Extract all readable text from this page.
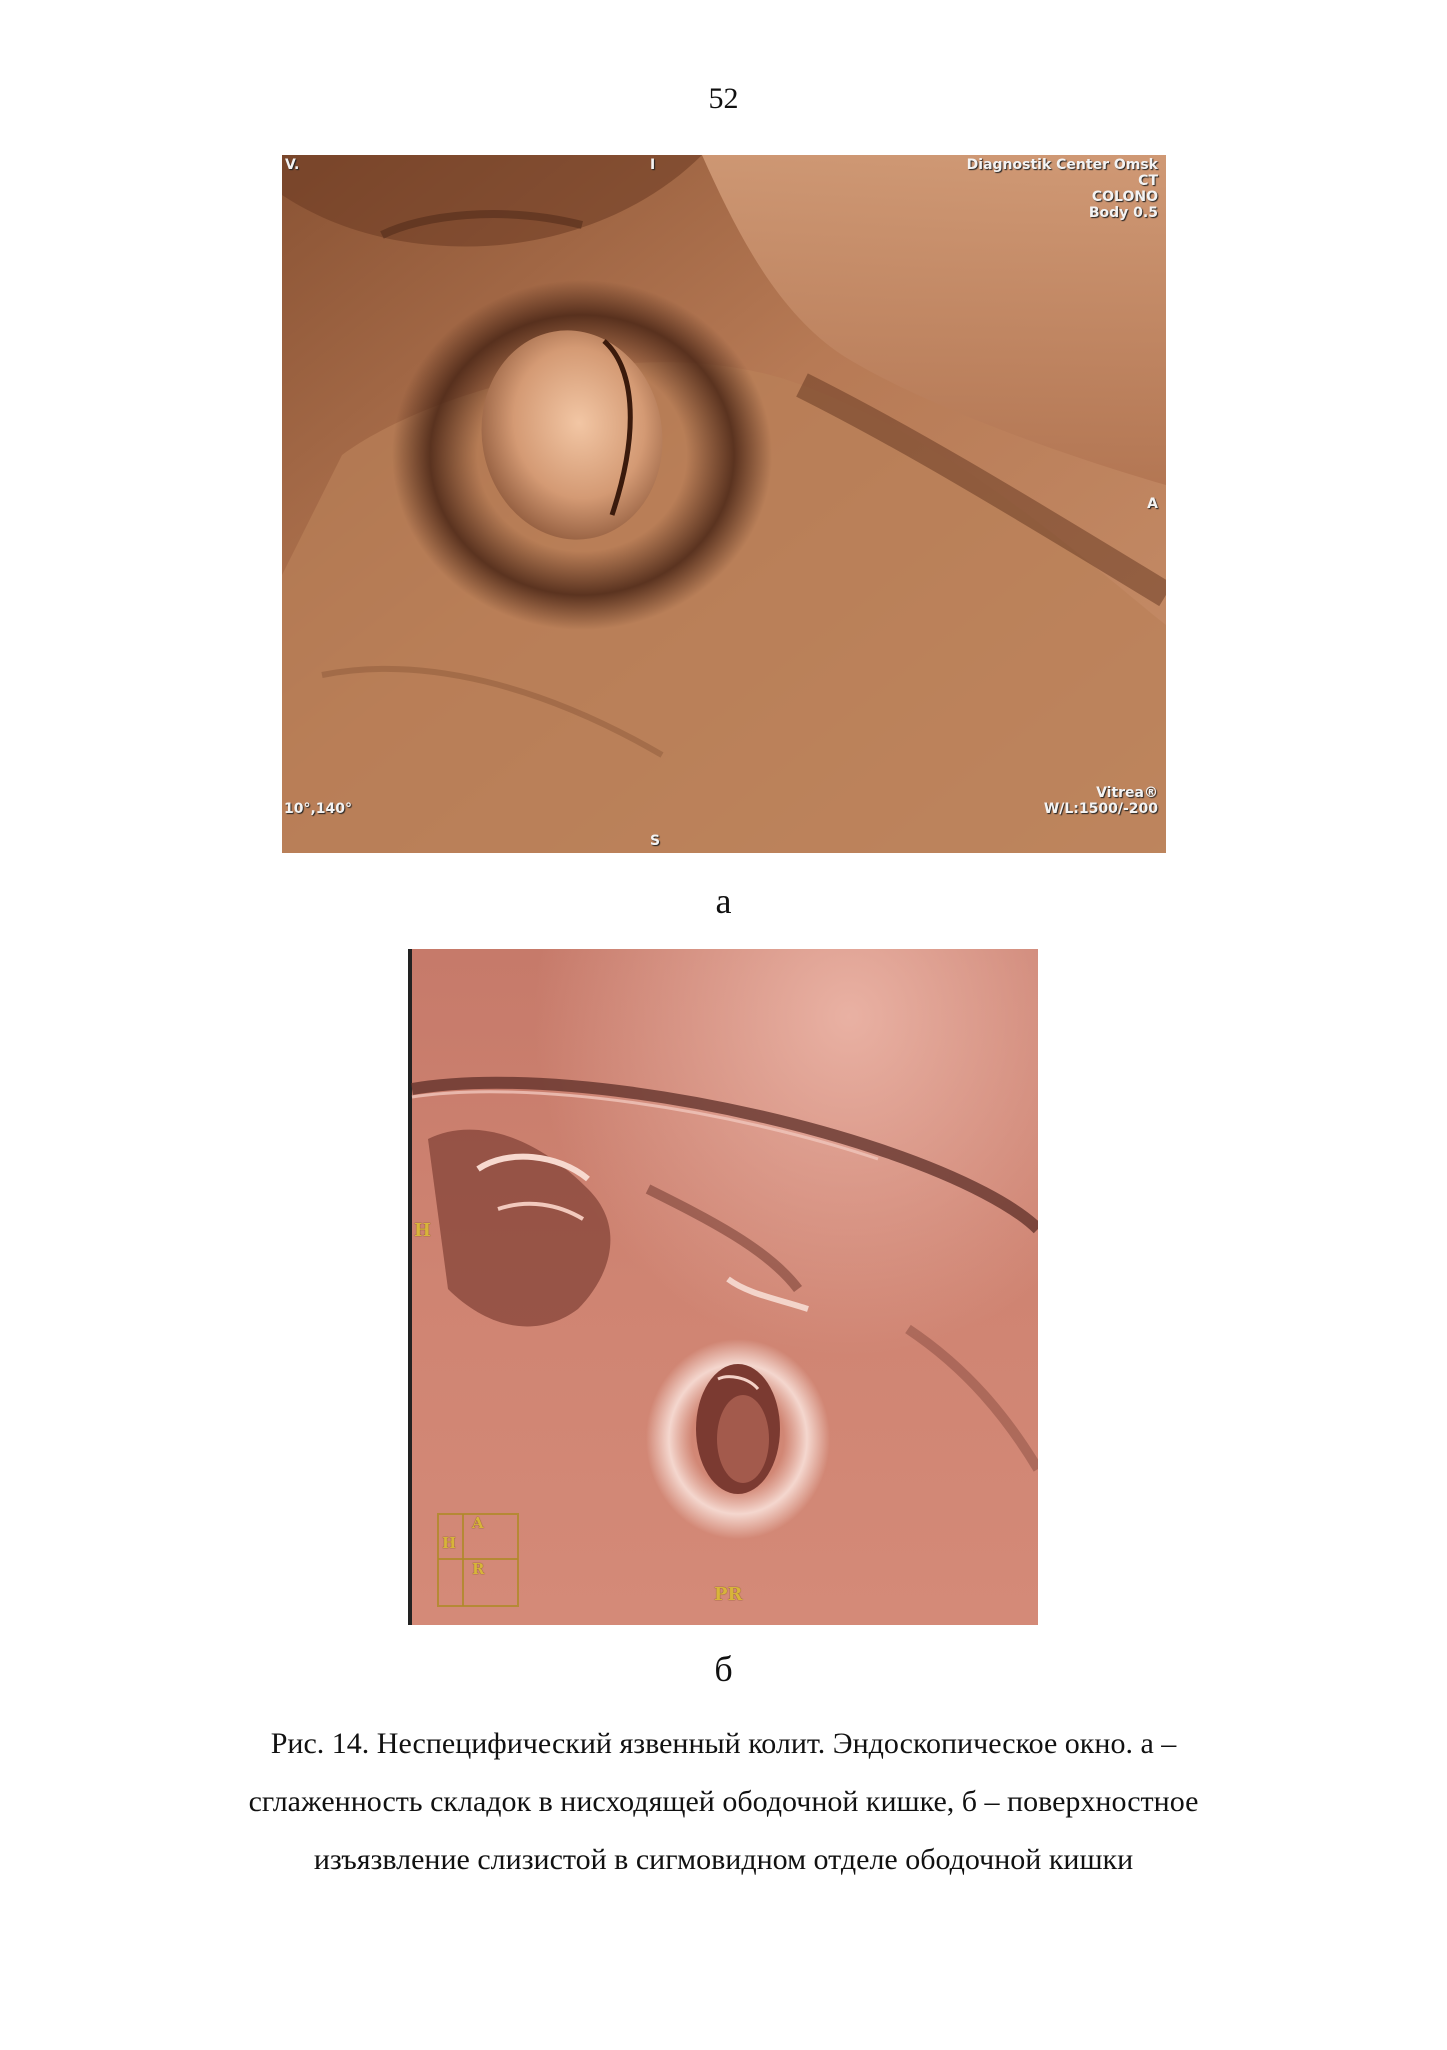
52
V.	I	Diagnostik Center Omsk
CT
COLONO
Body 0.5
A
10°,140°
S
Vitrea®
W/L:1500/-200
а
H
A
H
R
PR
б
Рис. 14. Неспецифический язвенный колит. Эндоскопическое окно. а –
сглаженность складок в нисходящей ободочной кишке, б – поверхностное
изъязвление слизистой в сигмовидном отделе ободочной кишки
